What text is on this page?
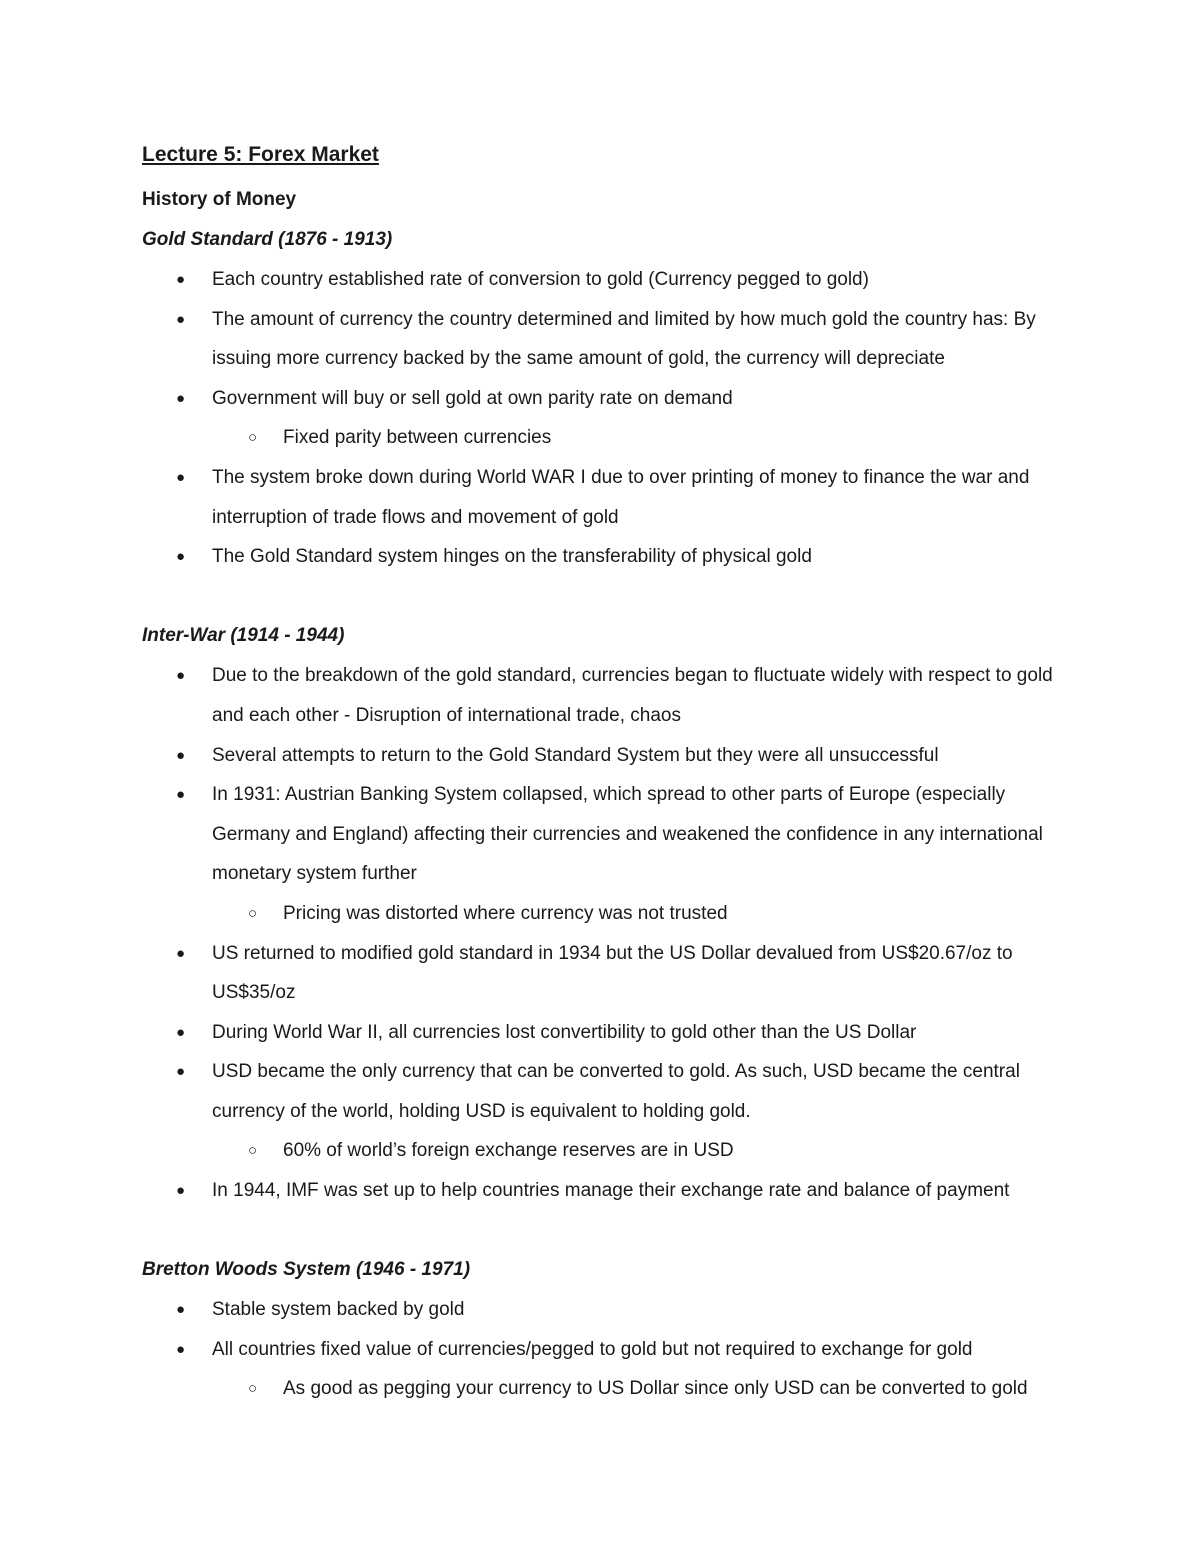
Lecture 5: Forex Market
History of Money
Gold Standard (1876 - 1913)
● Each country established rate of conversion to gold (Currency pegged to gold)
● The amount of currency the country determined and limited by how much gold the country has: By issuing more currency backed by the same amount of gold, the currency will depreciate
● Government will buy or sell gold at own parity rate on demand
○ Fixed parity between currencies
● The system broke down during World WAR I due to over printing of money to finance the war and interruption of trade flows and movement of gold
● The Gold Standard system hinges on the transferability of physical gold
Inter-War (1914 - 1944)
● Due to the breakdown of the gold standard, currencies began to fluctuate widely with respect to gold and each other - Disruption of international trade, chaos
● Several attempts to return to the Gold Standard System but they were all unsuccessful
● In 1931: Austrian Banking System collapsed, which spread to other parts of Europe (especially Germany and England) affecting their currencies and weakened the confidence in any international monetary system further
○ Pricing was distorted where currency was not trusted
● US returned to modified gold standard in 1934 but the US Dollar devalued from US$20.67/oz to US$35/oz
● During World War II, all currencies lost convertibility to gold other than the US Dollar
● USD became the only currency that can be converted to gold. As such, USD became the central currency of the world, holding USD is equivalent to holding gold.
○ 60% of world’s foreign exchange reserves are in USD
● In 1944, IMF was set up to help countries manage their exchange rate and balance of payment
Bretton Woods System (1946 - 1971)
● Stable system backed by gold
● All countries fixed value of currencies/pegged to gold but not required to exchange for gold
○ As good as pegging your currency to US Dollar since only USD can be converted to gold
